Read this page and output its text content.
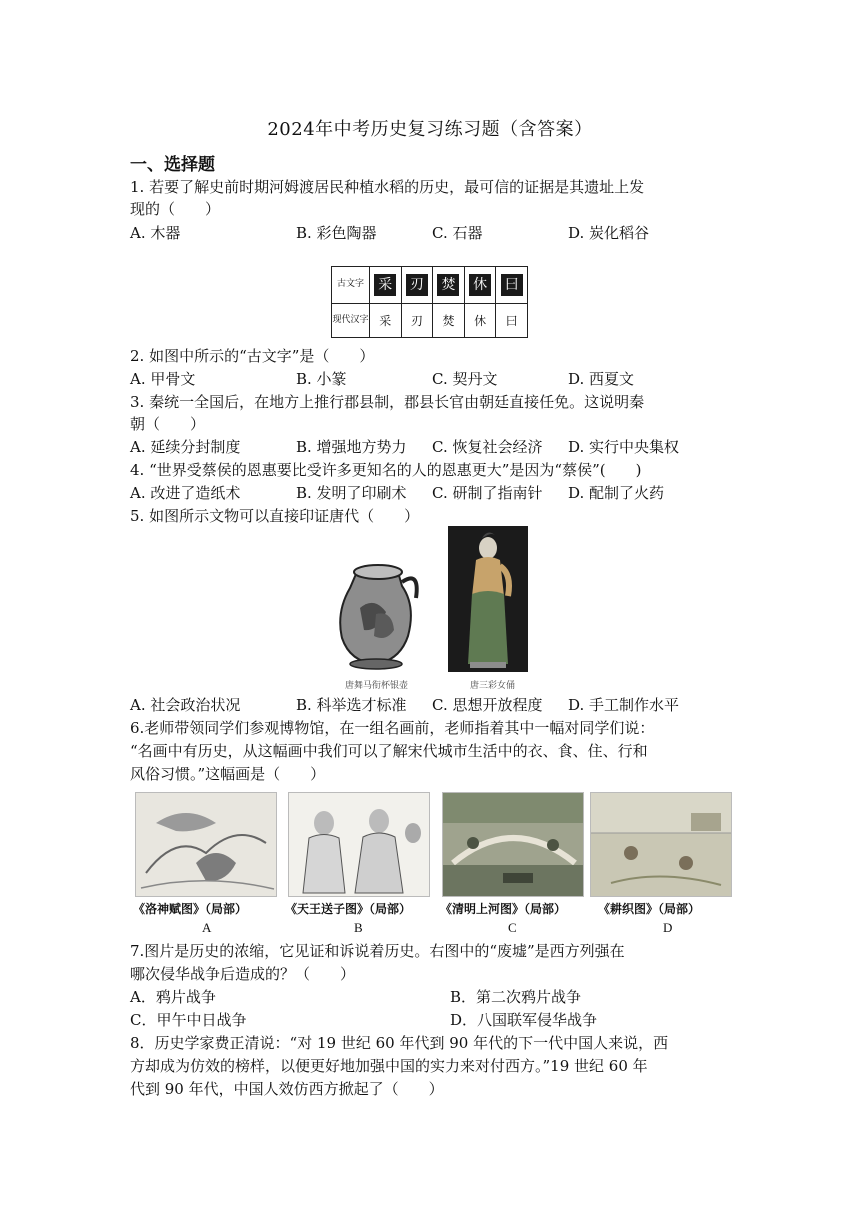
2024年中考历史复习练习题（含答案）
一、选择题
1. 若要了解史前时期河姆渡居民种植水稻的历史，最可信的证据是其遗址上发
现的（　　）
A. 木器	B. 彩色陶器	C. 石器	D. 炭化稻谷
古文字	采	刃	焚	休	曰
现代汉字	采	刃	焚	休	曰
2. 如图中所示的“古文字”是（　　）
A. 甲骨文	B. 小篆	C. 契丹文	D. 西夏文
3. 秦统一全国后，在地方上推行郡县制，郡县长官由朝廷直接任免。这说明秦
朝（　　）
A. 延续分封制度	B. 增强地方势力 C. 恢复社会经济 D. 实行中央集权
4. “世界受蔡侯的恩惠要比受许多更知名的人的恩惠更大”是因为“蔡侯”(　　)
A. 改进了造纸术	B. 发明了印刷术 C. 研制了指南针 D. 配制了火药
5. 如图所示文物可以直接印证唐代（　　）
唐舞马衔杯银壶	唐三彩女俑
A. 社会政治状况	B. 科举选才标准 C. 思想开放程度 D. 手工制作水平
6.老师带领同学们参观博物馆，在一组名画前，老师指着其中一幅对同学们说：
“名画中有历史，从这幅画中我们可以了解宋代城市生活中的衣、食、住、行和
风俗习惯。”这幅画是（　　）
《洛神赋图》（局部）	《天王送子图》（局部） 《清明上河图》（局部）	《耕织图》（局部）
A	B	C	D
7.图片是历史的浓缩，它见证和诉说着历史。右图中的“废墟”是西方列强在
哪次侵华战争后造成的？（　　）
A．鸦片战争	B．第二次鸦片战争
C．甲午中日战争	D．八国联军侵华战争
8．历史学家费正清说：“对 19 世纪 60 年代到 90 年代的下一代中国人来说，西
方却成为仿效的榜样，以便更好地加强中国的实力来对付西方。”19 世纪 60 年
代到 90 年代，中国人效仿西方掀起了（　　）
